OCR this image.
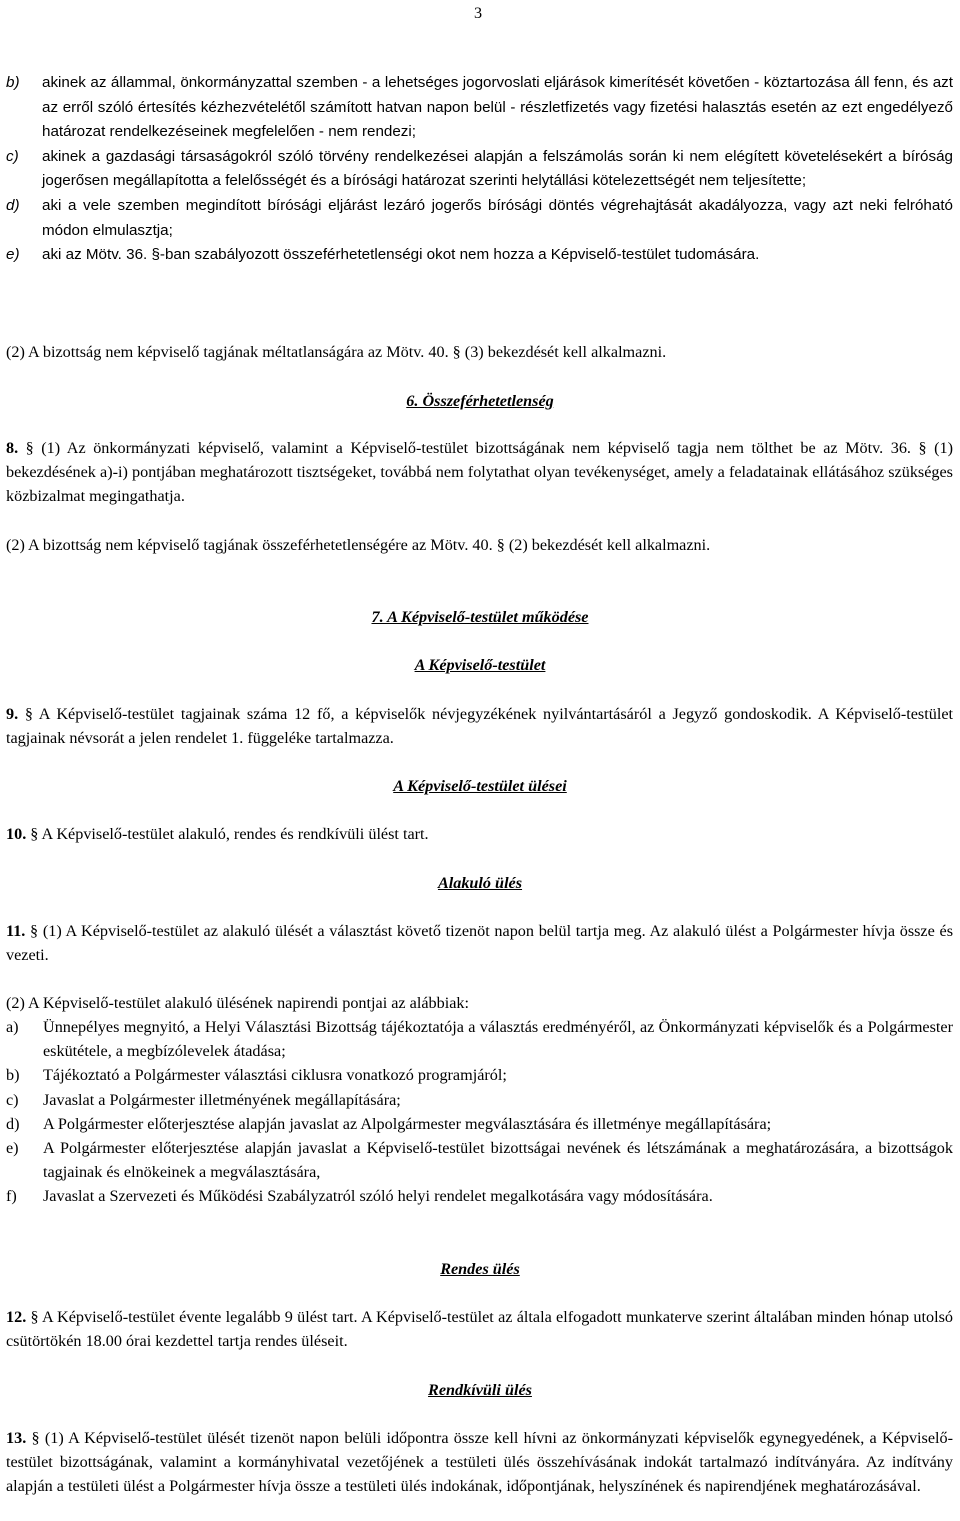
3
b)	akinek az állammal, önkormányzattal szemben - a lehetséges jogorvoslati eljárások kimerítését követően - köztartozása áll fenn, és azt az erről szóló értesítés kézhezvételétől számított hatvan napon belül - részletfizetés vagy fizetési halasztás esetén az ezt engedélyező határozat rendelkezéseinek megfelelően - nem rendezi;
c)	akinek a gazdasági társaságokról szóló törvény rendelkezései alapján a felszámolás során ki nem elégített követelésekért a bíróság jogerősen megállapította a felelősségét és a bírósági határozat szerinti helytállási kötelezettségét nem teljesítette;
d)	aki a vele szemben megindított bírósági eljárást lezáró jogerős bírósági döntés végrehajtását akadályozza, vagy azt neki felróható módon elmulasztja;
e)	aki az Mötv. 36. §-ban szabályozott összeférhetetlenségi okot nem hozza a Képviselő-testület tudomására.
(2) A bizottság nem képviselő tagjának méltatlanságára az Mötv. 40. § (3) bekezdését kell alkalmazni.
6. Összeférhetetlenség
8. § (1) Az önkormányzati képviselő, valamint a Képviselő-testület bizottságának nem képviselő tagja nem tölthet be az Mötv. 36. § (1) bekezdésének a)-i) pontjában meghatározott tisztségeket, továbbá nem folytathat olyan tevékenységet, amely a feladatainak ellátásához szükséges közbizalmat megingathatja.
(2) A bizottság nem képviselő tagjának összeférhetetlenségére az Mötv. 40. § (2) bekezdését kell alkalmazni.
7. A Képviselő-testület működése
A Képviselő-testület
9. § A Képviselő-testület tagjainak száma 12 fő, a képviselők névjegyzékének nyilvántartásáról a Jegyző gondoskodik. A Képviselő-testület tagjainak névsorát a jelen rendelet 1. függeléke tartalmazza.
A Képviselő-testület ülései
10. § A Képviselő-testület alakuló, rendes és rendkívüli ülést tart.
Alakuló ülés
11. § (1) A Képviselő-testület az alakuló ülését a választást követő tizenöt napon belül tartja meg. Az alakuló ülést a Polgármester hívja össze és vezeti.
(2) A Képviselő-testület alakuló ülésének napirendi pontjai az alábbiak:
a)	Ünnepélyes megnyitó, a Helyi Választási Bizottság tájékoztatója a választás eredményéről, az Önkormányzati képviselők és a Polgármester eskütétele, a megbízólevelek átadása;
b)	Tájékoztató a Polgármester választási ciklusra vonatkozó programjáról;
c)	Javaslat a Polgármester illetményének megállapítására;
d)	A Polgármester előterjesztése alapján javaslat az Alpolgármester megválasztására és illetménye megállapítására;
e)	A Polgármester előterjesztése alapján javaslat a Képviselő-testület bizottságai nevének és létszámának a meghatározására, a bizottságok tagjainak és elnökeinek a megválasztására,
f)	Javaslat a Szervezeti és Működési Szabályzatról szóló helyi rendelet megalkotására vagy módosítására.
Rendes ülés
12. § A Képviselő-testület évente legalább 9 ülést tart. A Képviselő-testület az általa elfogadott munkaterve szerint általában minden hónap utolsó csütörtökén 18.00 órai kezdettel tartja rendes üléseit.
Rendkívüli ülés
13. § (1) A Képviselő-testület ülését tizenöt napon belüli időpontra össze kell hívni az önkormányzati képviselők egynegyedének, a Képviselő-testület bizottságának, valamint a kormányhivatal vezetőjének a testületi ülés összehívásának indokát tartalmazó indítványára. Az indítvány alapján a testületi ülést a Polgármester hívja össze a testületi ülés indokának, időpontjának, helyszínének és napirendjének meghatározásával.
